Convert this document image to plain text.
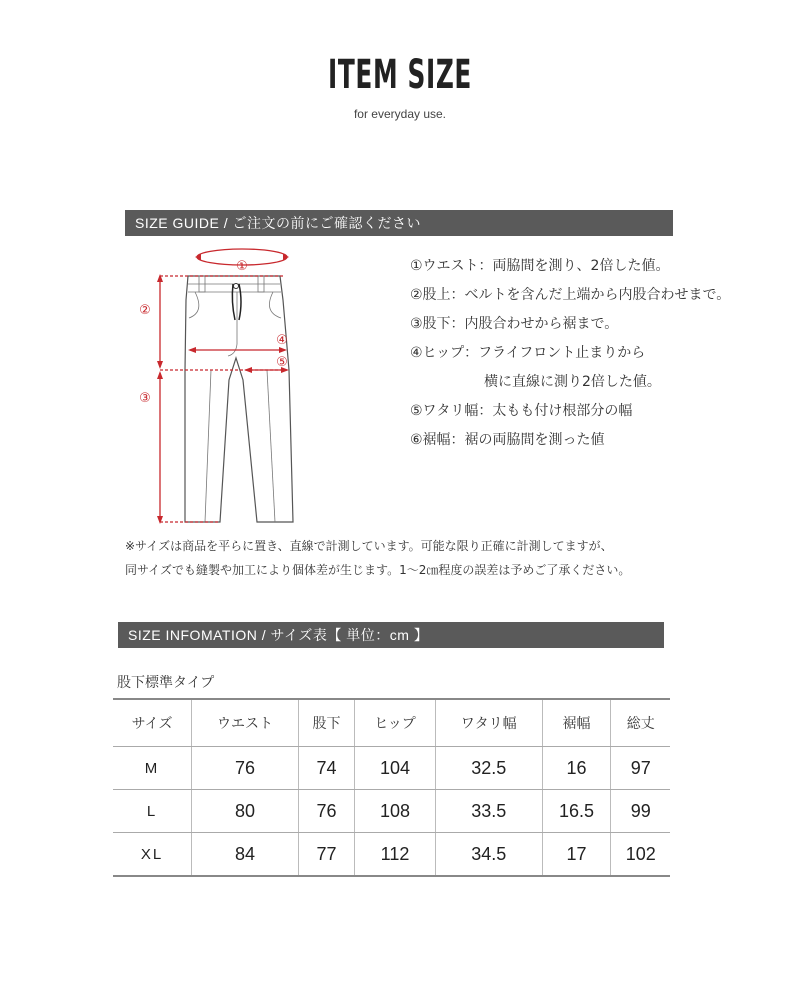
ITEM SIZE
for everyday use.
SIZE GUIDE / ご注文の前にご確認ください
①
②
③
④
⑤
①ウエスト：両脇間を測り、2倍した値。
②股上：ベルトを含んだ上端から内股合わせまで。
③股下：内股合わせから裾まで。
④ヒップ：フライフロント止まりから
横に直線に測り2倍した値。
⑤ワタリ幅：太もも付け根部分の幅
⑥裾幅：裾の両脇間を測った値
※サイズは商品を平らに置き、直線で計測しています。可能な限り正確に計測してますが、
同サイズでも縫製や加工により個体差が生じます。1〜2㎝程度の誤差は予めご了承ください。
SIZE INFOMATION / サイズ表【 単位：cm 】
股下標準タイプ
サイズ	ウエスト	股下	ヒップ	ワタリ幅	裾幅	総丈
M	76	74	104	32.5	16	97
L	80	76	108	33.5	16.5	99
XL	84	77	112	34.5	17	102
